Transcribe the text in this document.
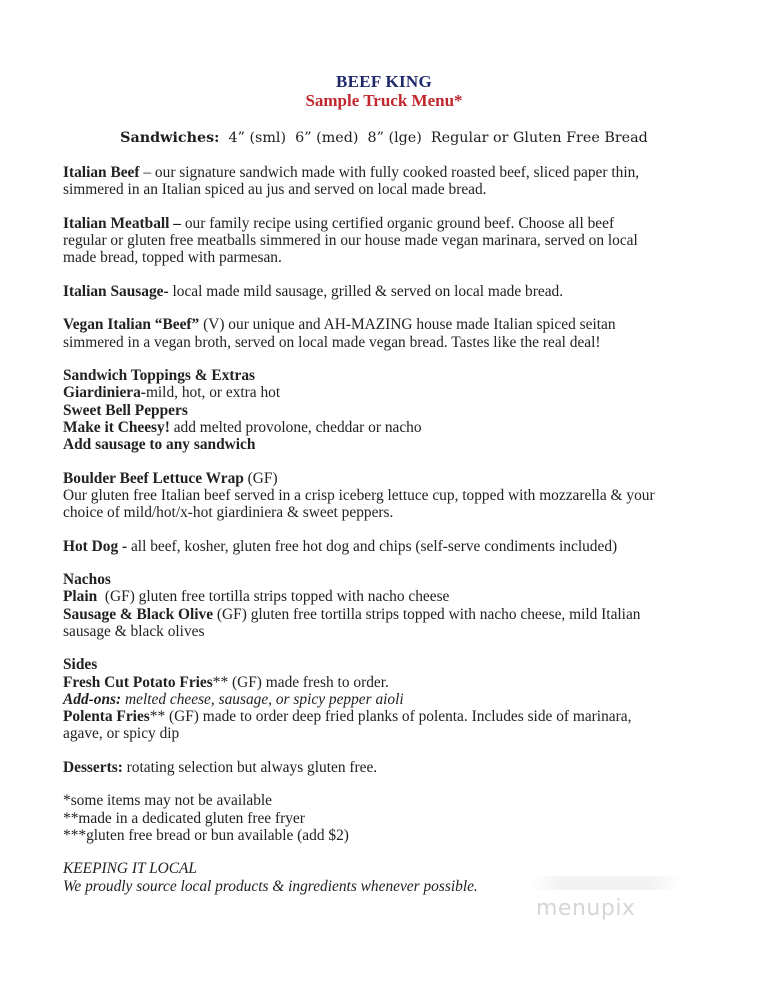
BEEF KING
Sample Truck Menu*
Sandwiches:  4” (sml)  6” (med)  8” (lge)  Regular or Gluten Free Bread
Italian Beef – our signature sandwich made with fully cooked roasted beef, sliced paper thin,
simmered in an Italian spiced au jus and served on local made bread.
Italian Meatball – our family recipe using certified organic ground beef. Choose all beef
regular or gluten free meatballs simmered in our house made vegan marinara, served on local
made bread, topped with parmesan.
Italian Sausage- local made mild sausage, grilled & served on local made bread.
Vegan Italian “Beef” (V) our unique and AH-MAZING house made Italian spiced seitan
simmered in a vegan broth, served on local made vegan bread. Tastes like the real deal!
Sandwich Toppings & Extras
Giardiniera-mild, hot, or extra hot
Sweet Bell Peppers
Make it Cheesy! add melted provolone, cheddar or nacho
Add sausage to any sandwich
Boulder Beef Lettuce Wrap (GF)
Our gluten free Italian beef served in a crisp iceberg lettuce cup, topped with mozzarella & your
choice of mild/hot/x-hot giardiniera & sweet peppers.
Hot Dog - all beef, kosher, gluten free hot dog and chips (self-serve condiments included)
Nachos
Plain  (GF) gluten free tortilla strips topped with nacho cheese
Sausage & Black Olive (GF) gluten free tortilla strips topped with nacho cheese, mild Italian
sausage & black olives
Sides
Fresh Cut Potato Fries** (GF) made fresh to order.
Add-ons: melted cheese, sausage, or spicy pepper aioli
Polenta Fries** (GF) made to order deep fried planks of polenta. Includes side of marinara,
agave, or spicy dip
Desserts: rotating selection but always gluten free.
*some items may not be available
**made in a dedicated gluten free fryer
***gluten free bread or bun available (add $2)
KEEPING IT LOCAL
We proudly source local products & ingredients whenever possible.
menupix
